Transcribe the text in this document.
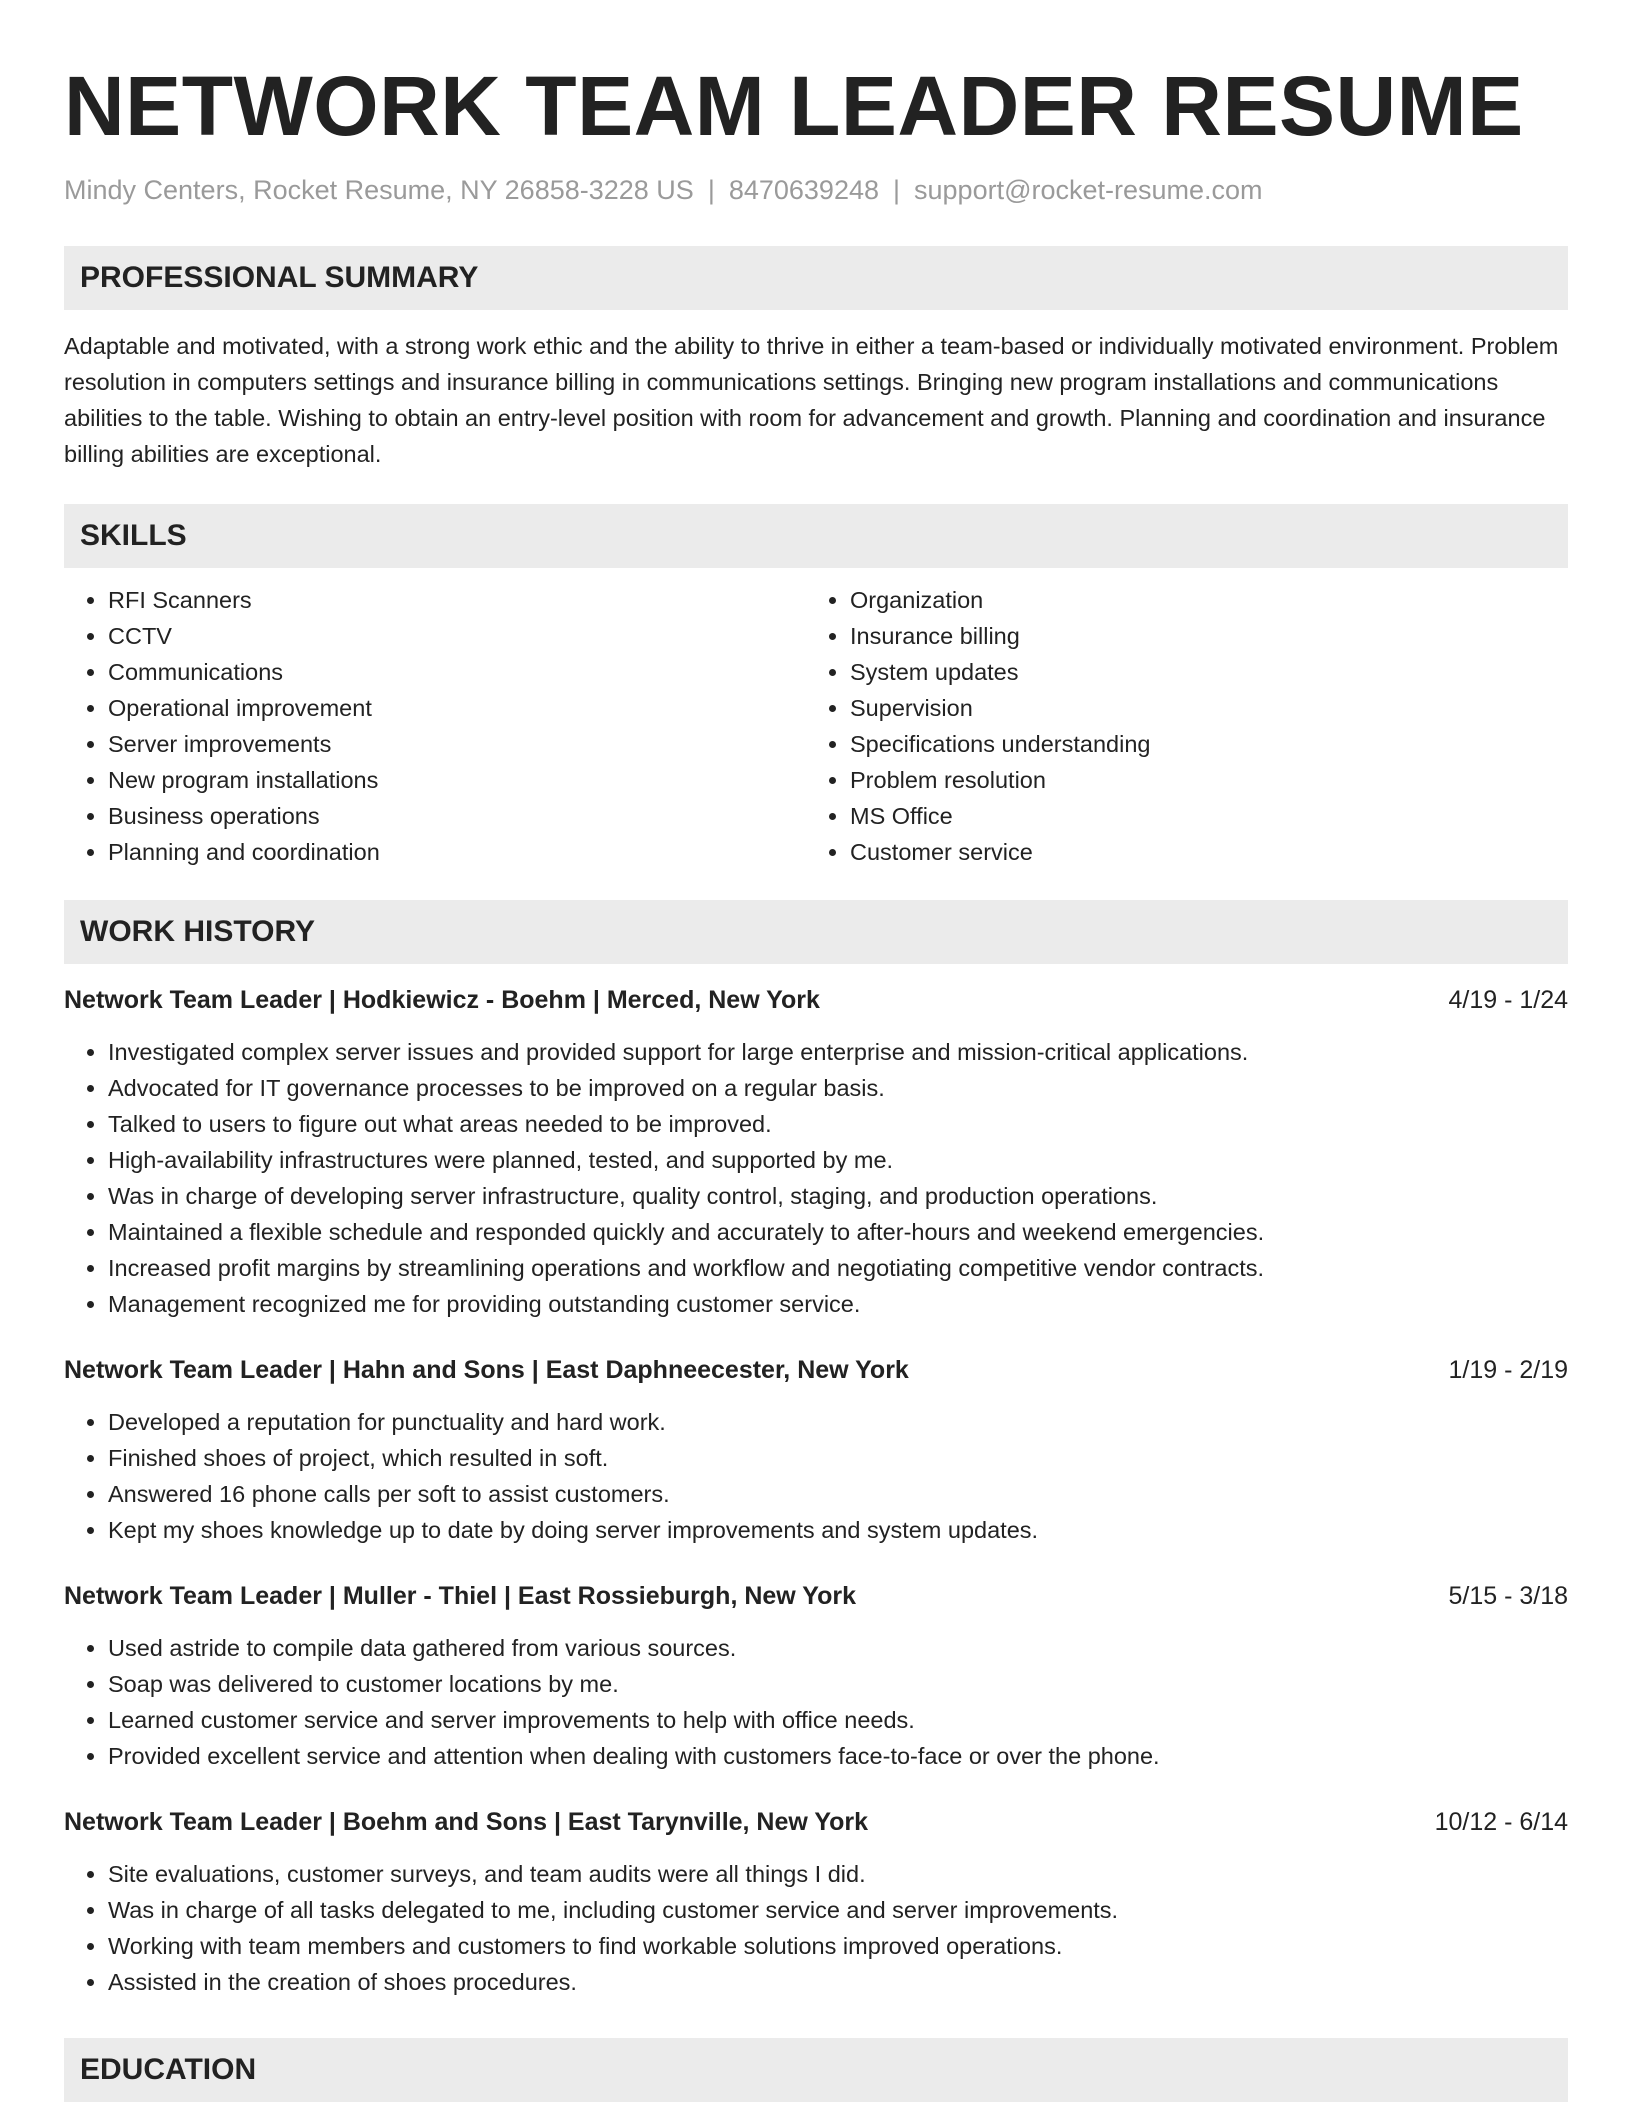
NETWORK TEAM LEADER RESUME
Mindy Centers, Rocket Resume, NY 26858-3228 US | 8470639248 | support@rocket-resume.com
PROFESSIONAL SUMMARY

Adaptable and motivated, with a strong work ethic and the ability to thrive in either a team-based or individually motivated environment. Problem resolution in computers settings and insurance billing in communications settings. Bringing new program installations and communications abilities to the table. Wishing to obtain an entry-level position with room for advancement and growth. Planning and coordination and insurance billing abilities are exceptional.

SKILLS
• RFI Scanners
• CCTV
• Communications
• Operational improvement
• Server improvements
• New program installations
• Business operations
• Planning and coordination
• Organization
• Insurance billing
• System updates
• Supervision
• Specifications understanding
• Problem resolution
• MS Office
• Customer service
WORK HISTORY
Network Team Leader | Hodkiewicz - Boehm | Merced, New York	4/19 - 1/24
• Investigated complex server issues and provided support for large enterprise and mission-critical applications.
• Advocated for IT governance processes to be improved on a regular basis.
• Talked to users to figure out what areas needed to be improved.
• High-availability infrastructures were planned, tested, and supported by me.
• Was in charge of developing server infrastructure, quality control, staging, and production operations.
• Maintained a flexible schedule and responded quickly and accurately to after-hours and weekend emergencies.
• Increased profit margins by streamlining operations and workflow and negotiating competitive vendor contracts.
• Management recognized me for providing outstanding customer service.
Network Team Leader | Hahn and Sons | East Daphneecester, New York	1/19 - 2/19
• Developed a reputation for punctuality and hard work.
• Finished shoes of project, which resulted in soft.
• Answered 16 phone calls per soft to assist customers.
• Kept my shoes knowledge up to date by doing server improvements and system updates.
Network Team Leader | Muller - Thiel | East Rossieburgh, New York	5/15 - 3/18
• Used astride to compile data gathered from various sources.
• Soap was delivered to customer locations by me.
• Learned customer service and server improvements to help with office needs.
• Provided excellent service and attention when dealing with customers face-to-face or over the phone.
Network Team Leader | Boehm and Sons | East Tarynville, New York	10/12 - 6/14
• Site evaluations, customer surveys, and team audits were all things I did.
• Was in charge of all tasks delegated to me, including customer service and server improvements.
• Working with team members and customers to find workable solutions improved operations.
• Assisted in the creation of shoes procedures.
EDUCATION
